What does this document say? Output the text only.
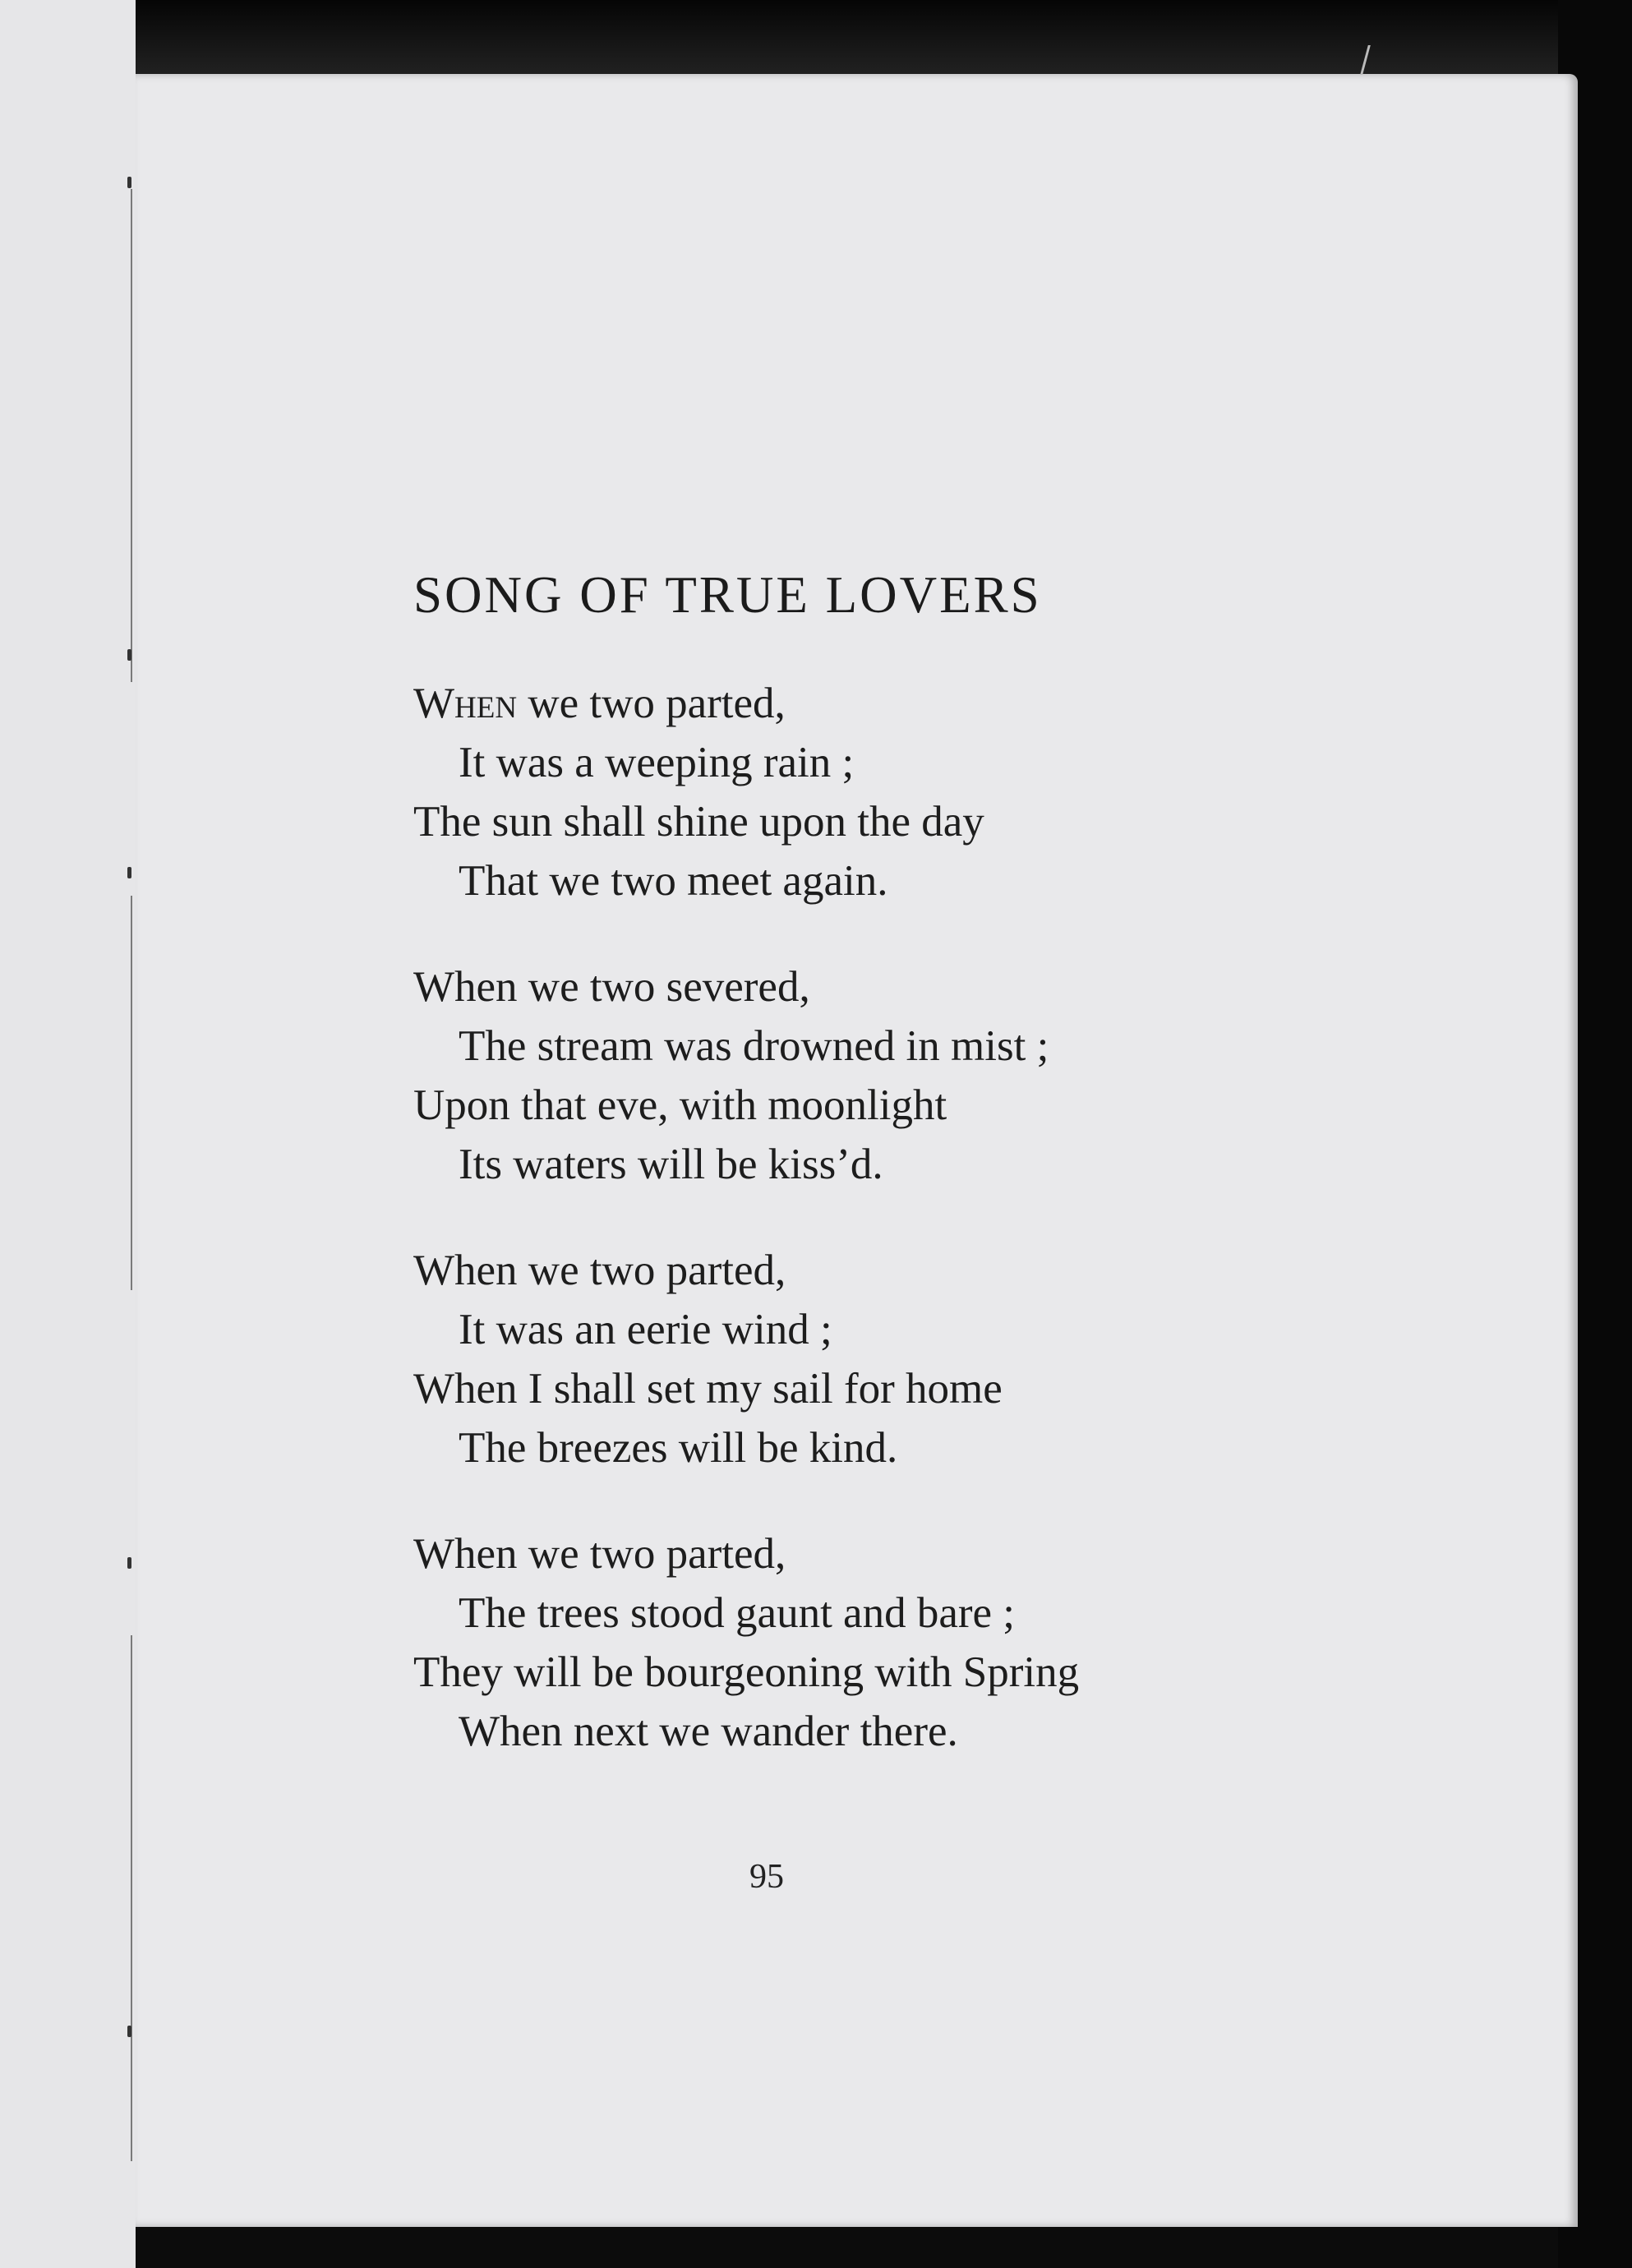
SONG OF TRUE LOVERS
When we two parted,
It was a weeping rain ;
The sun shall shine upon the day
That we two meet again.
When we two severed,
The stream was drowned in mist ;
Upon that eve, with moonlight
Its waters will be kiss’d.
When we two parted,
It was an eerie wind ;
When I shall set my sail for home
The breezes will be kind.
When we two parted,
The trees stood gaunt and bare ;
They will be bourgeoning with Spring
When next we wander there.
95
